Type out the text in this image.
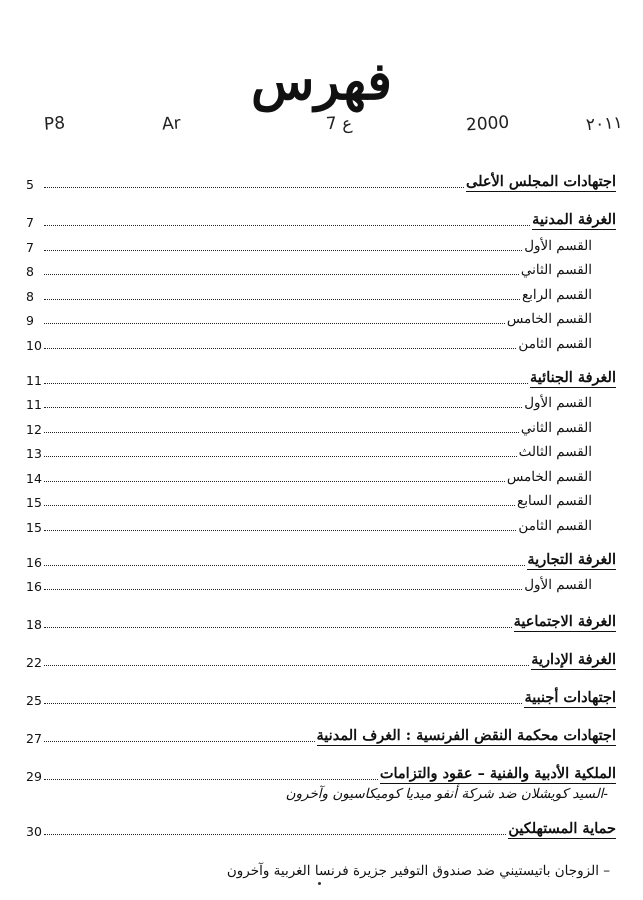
فهرس
٢٠١١
2000
ع
7
Ar
P8
اجتهادات المجلس الأعلى
5
الغرفة المدنية
7
القسم الأول
7
القسم الثاني
8
القسم الرابع
8
القسم الخامس
9
القسم الثامن
10
الغرفة الجنائية
11
القسم الأول
11
القسم الثاني
12
القسم الثالث
13
القسم الخامس
14
القسم السابع
15
القسم الثامن
15
الغرفة التجارية
16
القسم الأول
16
الغرفة الاجتماعية
18
الغرفة الإدارية
22
اجتهادات أجنبية
25
اجتهادات محكمة النقض الفرنسية : الغرف المدنية
27
الملكية الأدبية والفنية – عقود والتزامات
29
-السيد كويشلان ضد شركة أنفو ميديا كوميكاسيون وآخرون
حماية المستهلكين
30
– الزوجان باتيستيني ضد صندوق التوفير جزيرة فرنسا الغربية وآخرون
